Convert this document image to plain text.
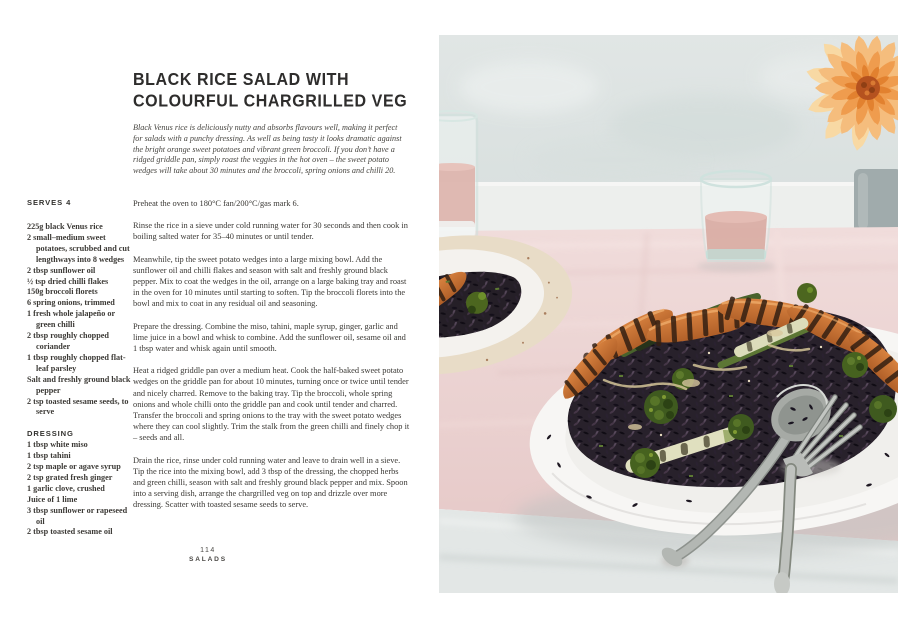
BLACK RICE SALAD WITH
COLOURFUL CHARGRILLED VEG
Black Venus rice is deliciously nutty and absorbs flavours well, making it perfect for salads with a punchy dressing. As well as being tasty it looks dramatic against the bright orange sweet potatoes and vibrant green broccoli. If you don’t have a ridged griddle pan, simply roast the veggies in the hot oven – the sweet potato wedges will take about 30 minutes and the broccoli, spring onions and chilli 20.
SERVES 4
225g black Venus rice
2 small–medium sweet potatoes, scrubbed and cut lengthways into 8 wedges
2 tbsp sunflower oil
½ tsp dried chilli flakes
150g broccoli florets
6 spring onions, trimmed
1 fresh whole jalapeño or green chilli
2 tbsp roughly chopped coriander
1 tbsp roughly chopped flat-leaf parsley
Salt and freshly ground black pepper
2 tsp toasted sesame seeds, to serve
DRESSING
1 tbsp white miso
1 tbsp tahini
2 tsp maple or agave syrup
2 tsp grated fresh ginger
1 garlic clove, crushed
Juice of 1 lime
3 tbsp sunflower or rapeseed oil
2 tbsp toasted sesame oil

Preheat the oven to 180°C fan/200°C/gas mark 6.

Rinse the rice in a sieve under cold running water for 30 seconds and then cook in boiling salted water for 35–40 minutes or until tender.

Meanwhile, tip the sweet potato wedges into a large mixing bowl. Add the sunflower oil and chilli flakes and season with salt and freshly ground black pepper. Mix to coat the wedges in the oil, arrange on a large baking tray and roast in the oven for 10 minutes until starting to soften. Tip the broccoli florets into the bowl and mix to coat in any residual oil and seasoning.

Prepare the dressing. Combine the miso, tahini, maple syrup, ginger, garlic and lime juice in a bowl and whisk to combine. Add the sunflower oil, sesame oil and 1 tbsp water and whisk again until smooth.

Heat a ridged griddle pan over a medium heat. Cook the half-baked sweet potato wedges on the griddle pan for about 10 minutes, turning once or twice until tender and nicely charred. Remove to the baking tray. Tip the broccoli, whole spring onions and whole chilli onto the griddle pan and cook until tender and charred. Transfer the broccoli and spring onions to the tray with the sweet potato wedges where they can cool slightly. Trim the stalk from the green chilli and finely chop it – seeds and all.

Drain the rice, rinse under cold running water and leave to drain well in a sieve. Tip the rice into the mixing bowl, add 3 tbsp of the dressing, the chopped herbs and green chilli, season with salt and freshly ground black pepper and mix. Spoon into a serving dish, arrange the chargrilled veg on top and drizzle over more dressing. Scatter with toasted sesame seeds to serve.

114
SALADS
